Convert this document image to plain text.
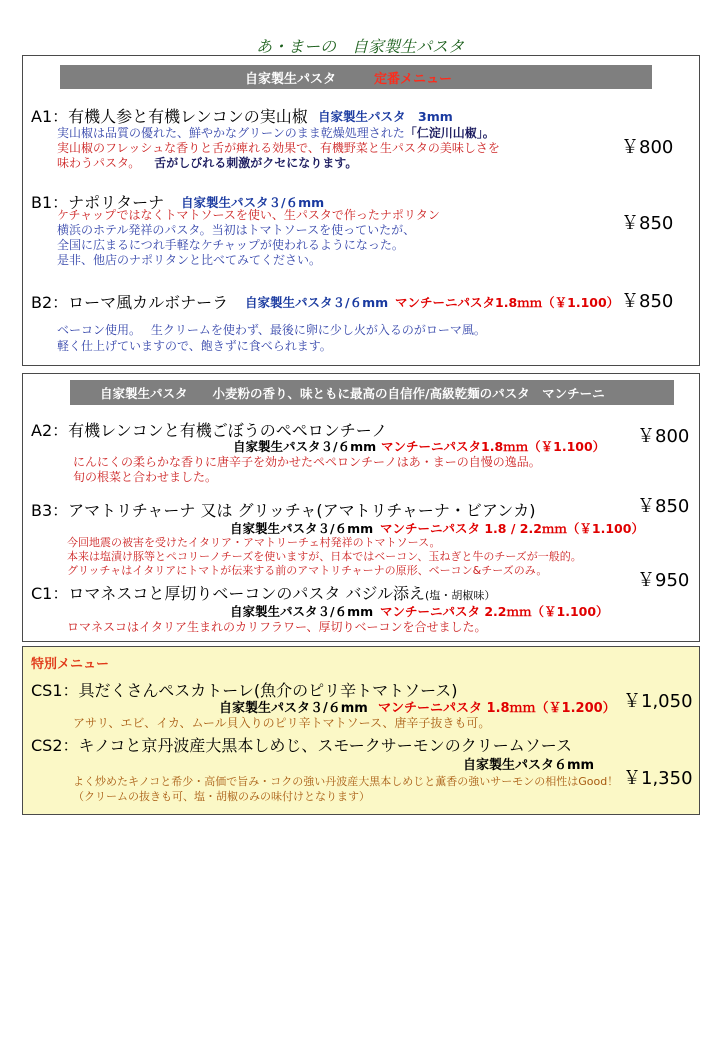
あ・まーの　自家製生パスタ
自家製生パスタ	定番メニュー
A1：有機人参と有機レンコンの実山椒 自家製生パスタ　3mm
実山椒は品質の優れた、鮮やかなグリーンのまま乾燥処理された「仁淀川山椒」。
実山椒のフレッシュな香りと舌が痺れる効果で、有機野菜と生パスタの美味しさを
味わうパスタ。 舌がしびれる刺激がクセになります。
￥800
B1：ナポリターナ 自家製生パスタ３/６mm
ケチャップではなくトマトソースを使い、生パスタで作ったナポリタン
横浜のホテル発祥のパスタ。当初はトマトソースを使っていたが、
全国に広まるにつれ手軽なケチャップが使われるようになった。
是非、他店のナポリタンと比べてみてください。
￥850
B2：ローマ風カルボナーラ 自家製生パスタ３/６mm マンチーニパスタ1.8ｍｍ（￥1.100） ￥850
ベーコン使用。　 生クリームを使わず、最後に卵に少し火が入るのがローマ風。
軽く仕上げていますので、飽きずに食べられます。
自家製生パスタ　　小麦粉の香り、味ともに最高の自信作/高級乾麺のパスタ　マンチーニ
A2：有機レンコンと有機ごぼうのペペロンチーノ
自家製生パスタ３/６mm マンチーニパスタ1.8ｍｍ（￥1.100） ￥800
にんにくの柔らかな香りに唐辛子を効かせたペペロンチーノはあ・まーの自慢の逸品。
旬の根菜と合わせました。
B3：アマトリチャーナ 又は グリッチャ(アマトリチャーナ・ビアンカ)	￥850
自家製生パスタ３/６mm マンチーニパスタ 1.8 / 2.2ｍｍ（￥1.100）
今回地震の被害を受けたイタリア・アマトリーチェ村発祥のトマトソース。
本来は塩漬け豚等とペコリーノチーズを使いますが、日本ではベーコン、玉ねぎと牛のチーズが一般的。
グリッチャはイタリアにトマトが伝来する前のアマトリチャーナの原形、ベーコン&チーズのみ。	￥950
C1：ロマネスコと厚切りベーコンのパスタ バジル添え(塩・胡椒味）
自家製生パスタ３/６mm マンチーニパスタ 2.2ｍｍ（￥1.100）
ロマネスコはイタリア生まれのカリフラワー、厚切りベーコンを合せました。
特別メニュー
CS1：具だくさんペスカトーレ(魚介のピリ辛トマトソース)
￥1,050
自家製生パスタ３/６mm マンチーニパスタ 1.8ｍｍ（￥1.200）
アサリ、エビ、イカ、ムール貝入りのピリ辛トマトソース、唐辛子抜きも可。
CS2：キノコと京丹波産大黒本しめじ、スモークサーモンのクリームソース
自家製生パスタ６mm
￥1,350
よく炒めたキノコと希少・高価で旨み・コクの強い丹波産大黒本しめじと薫香の強いサーモンの相性はGood！
（クリームの抜きも可、塩・胡椒のみの味付けとなります）
